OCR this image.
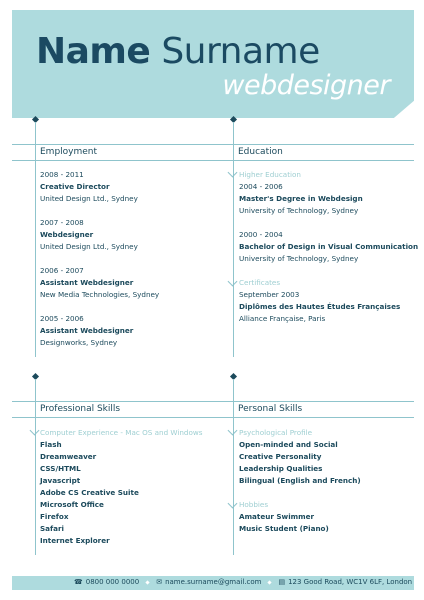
Name Surname
webdesigner
Employment	Education
2008 - 2011
Creative Director
United Design Ltd., Sydney
2007 - 2008
Webdesigner
United Design Ltd., Sydney
2006 - 2007
Assistant Webdesigner
New Media Technologies, Sydney
2005 - 2006
Assistant Webdesigner
Designworks, Sydney
Higher Education
2004 - 2006
Master's Degree in Webdesign
University of Technology, Sydney
2000 - 2004
Bachelor of Design in Visual Communication
University of Technology, Sydney
Certificates
September 2003
Diplômes des Hautes Études Françaises
Alliance Française, Paris
Professional Skills	Personal Skills
Computer Experience - Mac OS and Windows
Flash
Dreamweaver
CSS/HTML
Javascript
Adobe CS Creative Suite
Microsoft Office
Firefox
Safari
Internet Explorer
Psychological Profile
Open-minded and Social
Creative Personality
Leadership Qualities
Bilingual (English and French)
Hobbies
Amateur Swimmer
Music Student (Piano)
☎ 0800 000 0000 ✉ name.surname@gmail.com ▤ 123 Good Road, WC1V 6LF, London
